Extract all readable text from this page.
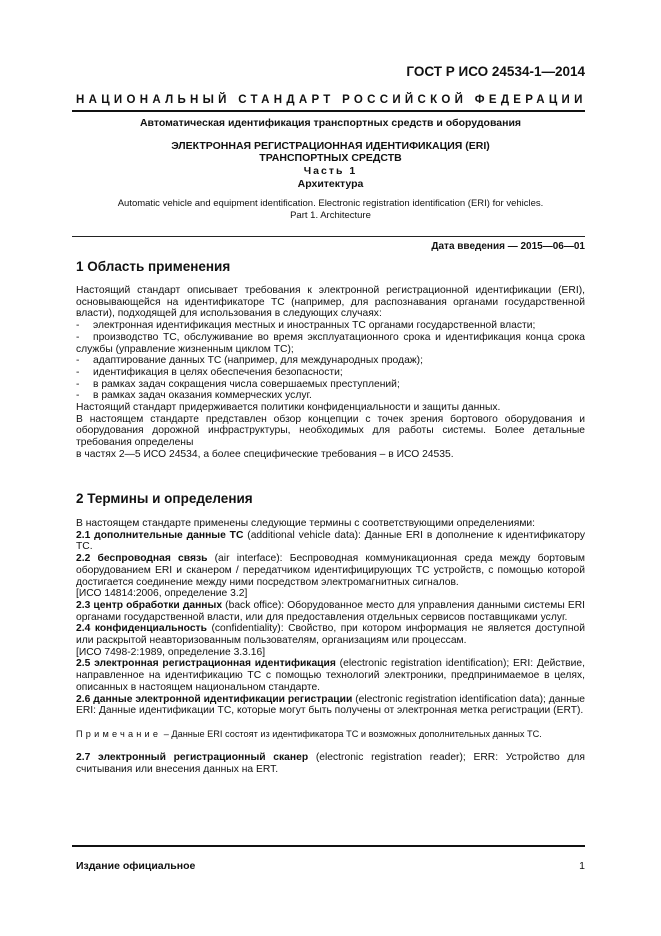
ГОСТ Р ИСО 24534-1—2014
НАЦИОНАЛЬНЫЙ СТАНДАРТ РОССИЙСКОЙ ФЕДЕРАЦИИ
Автоматическая идентификация транспортных средств и оборудования
ЭЛЕКТРОННАЯ РЕГИСТРАЦИОННАЯ ИДЕНТИФИКАЦИЯ (ERI)
ТРАНСПОРТНЫХ СРЕДСТВ
Часть 1
Архитектура
Automatic vehicle and equipment identification. Electronic registration identification (ERI) for vehicles.
Part 1. Architecture
Дата введения — 2015—06—01
1 Область применения

Настоящий стандарт описывает требования к электронной регистрационной идентификации (ERI), основывающейся на идентификаторе ТС (например, для распознавания органами государственной власти), подходящей для использования в следующих случаях:

- электронная идентификация местных и иностранных ТС органами государственной власти;
- производство ТС, обслуживание во время эксплуатационного срока и идентификация конца срока службы (управление жизненным циклом ТС);
- адаптирование данных ТС (например, для международных продаж);
- идентификация в целях обеспечения безопасности;
- в рамках задач сокращения числа совершаемых преступлений;
- в рамках задач оказания коммерческих услуг.

Настоящий стандарт придерживается политики конфиденциальности и защиты данных.

В настоящем стандарте представлен обзор концепции с точек зрения бортового оборудования и оборудования дорожной инфраструктуры, необходимых для работы системы. Более детальные требования определены

в частях 2—5 ИСО 24534, а более специфические требования – в ИСО 24535.

2 Термины и определения

В настоящем стандарте применены следующие термины с соответствующими определениями:

2.1 дополнительные данные ТС (additional vehicle data): Данные ERI в дополнение к идентификатору ТС.

2.2 беспроводная связь (air interface): Беспроводная коммуникационная среда между бортовым оборудованием ERI и сканером / передатчиком идентифицирующих ТС устройств, с помощью которой достигается соединение между ними посредством электромагнитных сигналов.

[ИСО 14814:2006, определение 3.2]

2.3 центр обработки данных (back office): Оборудованное место для управления данными системы ERI органами государственной власти, или для предоставления отдельных сервисов поставщиками услуг.

2.4 конфиденциальность (confidentiality): Свойство, при котором информация не является доступной или раскрытой неавторизованным пользователям, организациям или процессам.

[ИСО 7498-2:1989, определение 3.3.16]

2.5 электронная регистрационная идентификация (electronic registration identification); ERI: Действие, направленное на идентификацию ТС с помощью технологий электроники, предпринимаемое в целях, описанных в настоящем национальном стандарте.

2.6 данные электронной идентификации регистрации (electronic registration identification data); данные ERI: Данные идентификации ТС, которые могут быть получены от электронная метка регистрации (ERT).

Примечание – Данные ERI состоят из идентификатора ТС и возможных дополнительных данных ТС.

2.7 электронный регистрационный сканер (electronic registration reader); ERR: Устройство для считывания или внесения данных на ERT.

Издание официальное	1
